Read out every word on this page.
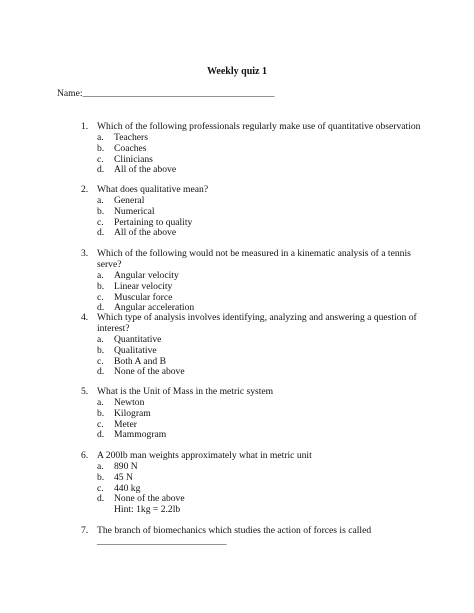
Weekly quiz 1
Name:________________________________________
1. Which of the following professionals regularly make use of quantitative observation
a. Teachers
b. Coaches
c. Clinicians
d. All of the above
2. What does qualitative mean?
a. General
b. Numerical
c. Pertaining to quality
d. All of the above
3. Which of the following would not be measured in a kinematic analysis of a tennis serve?
a. Angular velocity
b. Linear velocity
c. Muscular force
d. Angular acceleration
4. Which type of analysis involves identifying, analyzing and answering a question of interest?
a. Quantitative
b. Qualitative
c. Both A and B
d. None of the above
5. What is the Unit of Mass in the metric system
a. Newton
b. Kilogram
c. Meter
d. Mammogram
6. A 200lb man weights approximately what in metric unit
a. 890 N
b. 45 N
c. 440 kg
d. None of the above
Hint: 1kg = 2.2lb
7. The branch of biomechanics which studies the action of forces is called
___________________________
